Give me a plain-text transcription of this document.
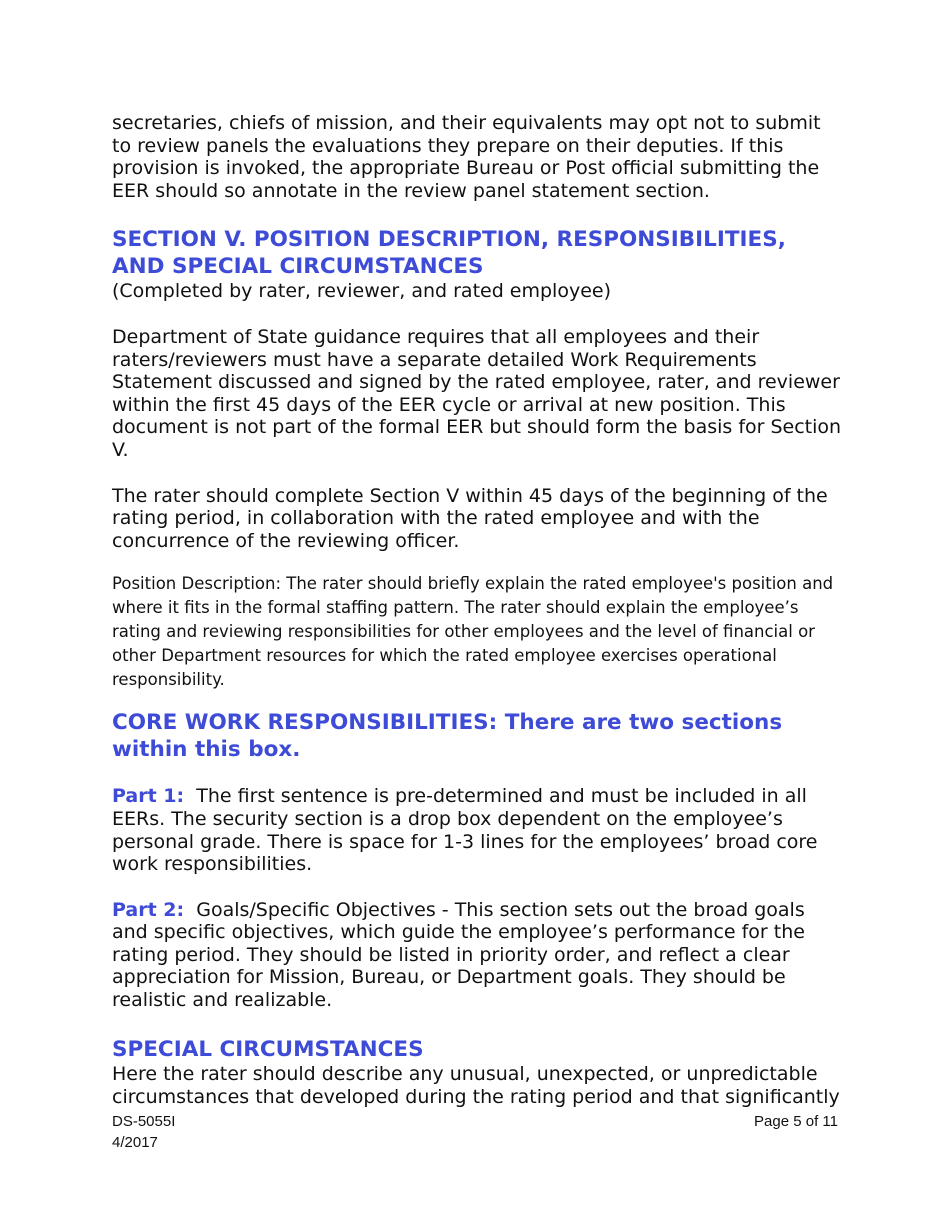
secretaries, chiefs of mission, and their equivalents may opt not to submit to review panels the evaluations they prepare on their deputies. If this provision is invoked, the appropriate Bureau or Post official submitting the EER should so annotate in the review panel statement section.

SECTION V. POSITION DESCRIPTION, RESPONSIBILITIES, AND SPECIAL CIRCUMSTANCES

(Completed by rater, reviewer, and rated employee)

Department of State guidance requires that all employees and their raters/reviewers must have a separate detailed Work Requirements Statement discussed and signed by the rated employee, rater, and reviewer within the first 45 days of the EER cycle or arrival at new position. This document is not part of the formal EER but should form the basis for Section V.

The rater should complete Section V within 45 days of the beginning of the rating period, in collaboration with the rated employee and with the concurrence of the reviewing officer.

Position Description: The rater should briefly explain the rated employee's position and where it fits in the formal staffing pattern. The rater should explain the employee’s rating and reviewing responsibilities for other employees and the level of financial or other Department resources for which the rated employee exercises operational responsibility.

CORE WORK RESPONSIBILITIES: There are two sections within this box.

Part 1: The first sentence is pre-determined and must be included in all EERs. The security section is a drop box dependent on the employee’s personal grade. There is space for 1-3 lines for the employees’ broad core work responsibilities.

Part 2: Goals/Specific Objectives - This section sets out the broad goals and specific objectives, which guide the employee’s performance for the rating period. They should be listed in priority order, and reflect a clear appreciation for Mission, Bureau, or Department goals. They should be realistic and realizable.

SPECIAL CIRCUMSTANCES

Here the rater should describe any unusual, unexpected, or unpredictable circumstances that developed during the rating period and that significantly

DS-5055I
4/2017
Page 5 of 11
